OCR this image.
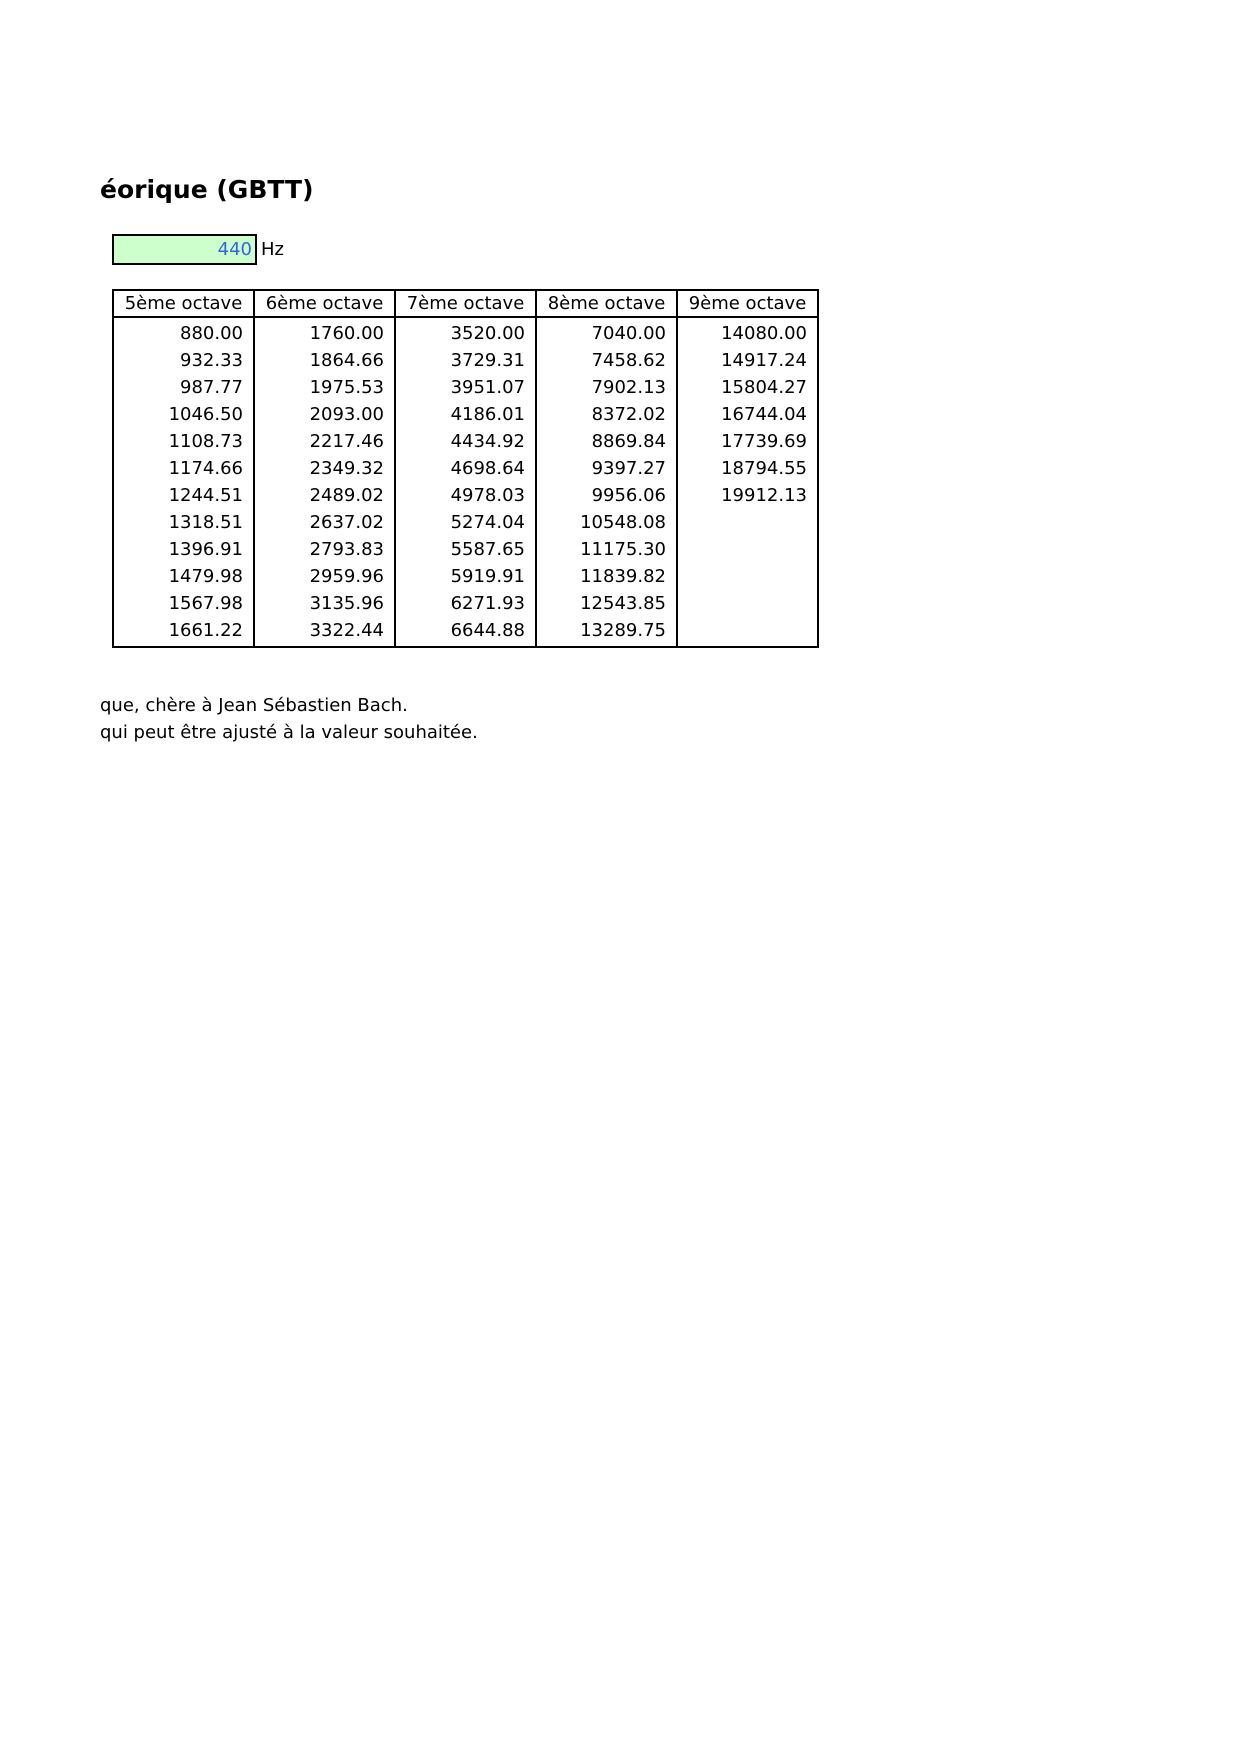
éorique (GBTT)
440 Hz
5ème octave	6ème octave	7ème octave	8ème octave	9ème octave
880.00	1760.00	3520.00	7040.00	14080.00
932.33	1864.66	3729.31	7458.62	14917.24
987.77	1975.53	3951.07	7902.13	15804.27
1046.50	2093.00	4186.01	8372.02	16744.04
1108.73	2217.46	4434.92	8869.84	17739.69
1174.66	2349.32	4698.64	9397.27	18794.55
1244.51	2489.02	4978.03	9956.06	19912.13
1318.51	2637.02	5274.04	10548.08	
1396.91	2793.83	5587.65	11175.30	
1479.98	2959.96	5919.91	11839.82	
1567.98	3135.96	6271.93	12543.85	
1661.22	3322.44	6644.88	13289.75	

que, chère à Jean Sébastien Bach.

qui peut être ajusté à la valeur souhaitée.
